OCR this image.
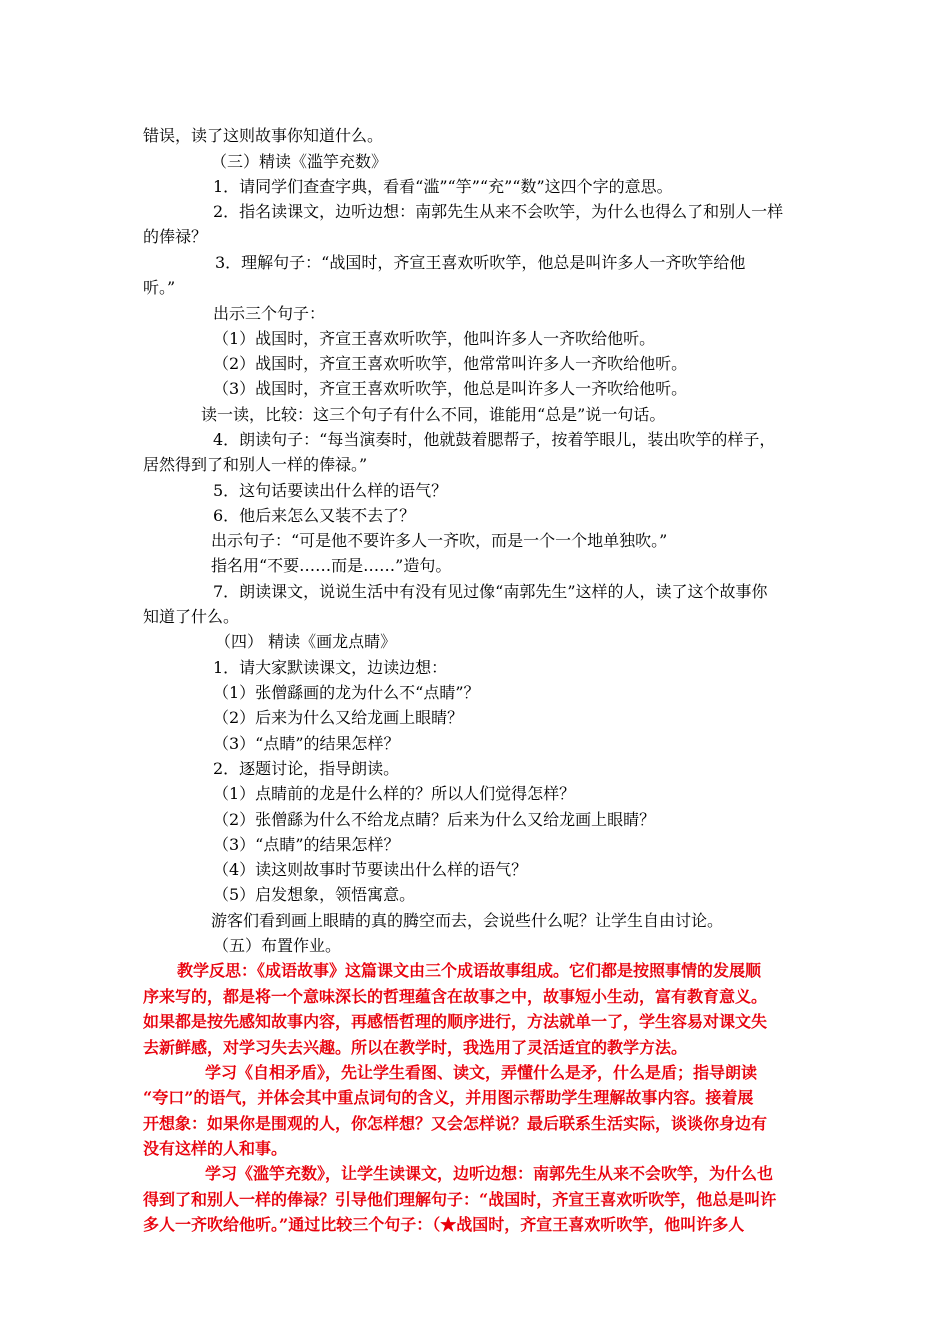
错误，读了这则故事你知道什么。
（三）精读《滥竽充数》
1．请同学们查查字典，看看“滥”“竽”“充”“数”这四个字的意思。
2．指名读课文，边听边想：南郭先生从来不会吹竽，为什么也得么了和别人一样
的俸禄？
3．理解句子：“战国时，齐宣王喜欢听吹竽，他总是叫许多人一齐吹竽给他
听。”
出示三个句子：
（1）战国时，齐宣王喜欢听吹竽，他叫许多人一齐吹给他听。
（2）战国时，齐宣王喜欢听吹竽，他常常叫许多人一齐吹给他听。
（3）战国时，齐宣王喜欢听吹竽，他总是叫许多人一齐吹给他听。
读一读，比较：这三个句子有什么不同，谁能用“总是”说一句话。
4．朗读句子：“每当演奏时，他就鼓着腮帮子，按着竽眼儿，装出吹竽的样子，
居然得到了和别人一样的俸禄。”
5．这句话要读出什么样的语气？
6．他后来怎么又装不去了？
出示句子：“可是他不要许多人一齐吹，而是一个一个地单独吹。”
指名用“不要……而是……”造句。
7．朗读课文，说说生活中有没有见过像“南郭先生”这样的人，读了这个故事你
知道了什么。
（四） 精读《画龙点睛》
1．请大家默读课文，边读边想：
（1）张僧繇画的龙为什么不“点睛”？
（2）后来为什么又给龙画上眼睛？
（3）“点睛”的结果怎样？
2．逐题讨论，指导朗读。
（1）点睛前的龙是什么样的？所以人们觉得怎样？
（2）张僧繇为什么不给龙点睛？后来为什么又给龙画上眼睛？
（3）“点睛”的结果怎样？
（4）读这则故事时节要读出什么样的语气？
（5）启发想象，领悟寓意。
游客们看到画上眼睛的真的腾空而去，会说些什么呢？让学生自由讨论。
（五）布置作业。
教学反思：《成语故事》这篇课文由三个成语故事组成。它们都是按照事情的发展顺
序来写的，都是将一个意味深长的哲理蕴含在故事之中，故事短小生动，富有教育意义。
如果都是按先感知故事内容，再感悟哲理的顺序进行，方法就单一了，学生容易对课文失
去新鲜感，对学习失去兴趣。所以在教学时，我选用了灵活适宜的教学方法。
学习《自相矛盾》，先让学生看图、读文，弄懂什么是矛，什么是盾；指导朗读
“夸口”的语气，并体会其中重点词句的含义，并用图示帮助学生理解故事内容。接着展
开想象：如果你是围观的人，你怎样想？又会怎样说？最后联系生活实际，谈谈你身边有
没有这样的人和事。
学习《滥竽充数》，让学生读课文，边听边想：南郭先生从来不会吹竽，为什么也
得到了和别人一样的俸禄？引导他们理解句子：“战国时，齐宣王喜欢听吹竽，他总是叫许
多人一齐吹给他听。”通过比较三个句子：（★战国时，齐宣王喜欢听吹竽，他叫许多人
